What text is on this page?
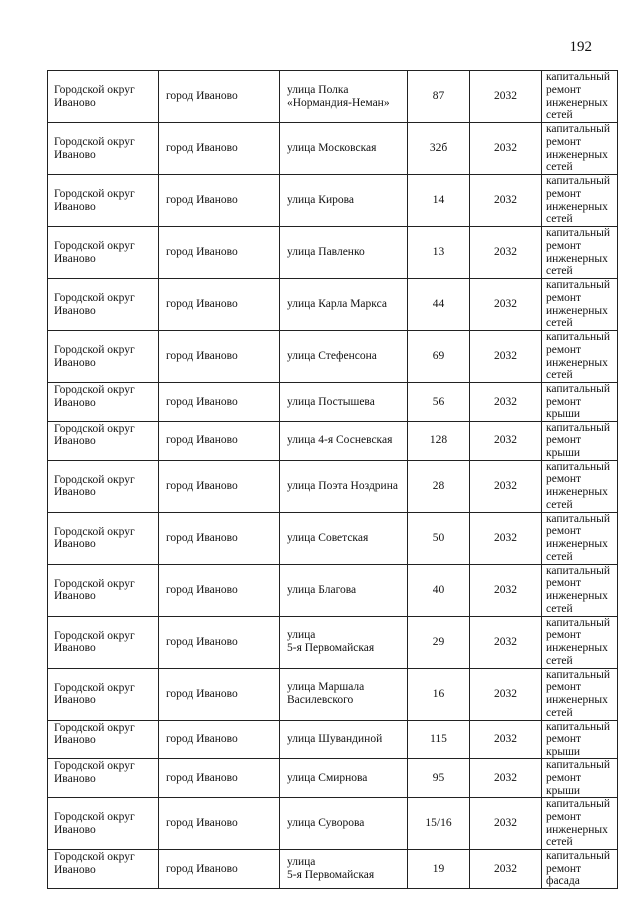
192
Городской округ
Иваново	город Иваново	улица Полка
«Нормандия-Неман»	87	2032	капитальный ремонт инженерных сетей

Городской округ
Иваново	город Иваново	улица Московская	32б	2032	капитальный ремонт инженерных сетей

Городской округ
Иваново	город Иваново	улица Кирова	14	2032	капитальный ремонт инженерных сетей

Городской округ
Иваново	город Иваново	улица Павленко	13	2032	капитальный ремонт инженерных сетей

Городской округ
Иваново	город Иваново	улица Карла Маркса	44	2032	капитальный ремонт инженерных сетей

Городской округ
Иваново	город Иваново	улица Стефенсона	69	2032	капитальный ремонт инженерных сетей

Городской округ
Иваново	город Иваново	улица Постышева	56	2032	капитальный ремонт крыши

Городской округ
Иваново	город Иваново	улица 4-я Сосневская	128	2032	капитальный ремонт крыши

Городской округ
Иваново	город Иваново	улица Поэта Ноздрина	28	2032	капитальный ремонт инженерных сетей

Городской округ
Иваново	город Иваново	улица Советская	50	2032	капитальный ремонт инженерных сетей

Городской округ
Иваново	город Иваново	улица Благова	40	2032	капитальный ремонт инженерных сетей

Городской округ
Иваново	город Иваново	улица
5-я Первомайская	29	2032	капитальный ремонт инженерных сетей

Городской округ
Иваново	город Иваново	улица Маршала
Василевского	16	2032	капитальный ремонт инженерных сетей

Городской округ
Иваново	город Иваново	улица Шувандиной	115	2032	капитальный ремонт крыши

Городской округ
Иваново	город Иваново	улица Смирнова	95	2032	капитальный ремонт крыши

Городской округ
Иваново	город Иваново	улица Суворова	15/16	2032	капитальный ремонт инженерных сетей

Городской округ
Иваново	город Иваново	улица
5-я Первомайская	19	2032	капитальный ремонт фасада
